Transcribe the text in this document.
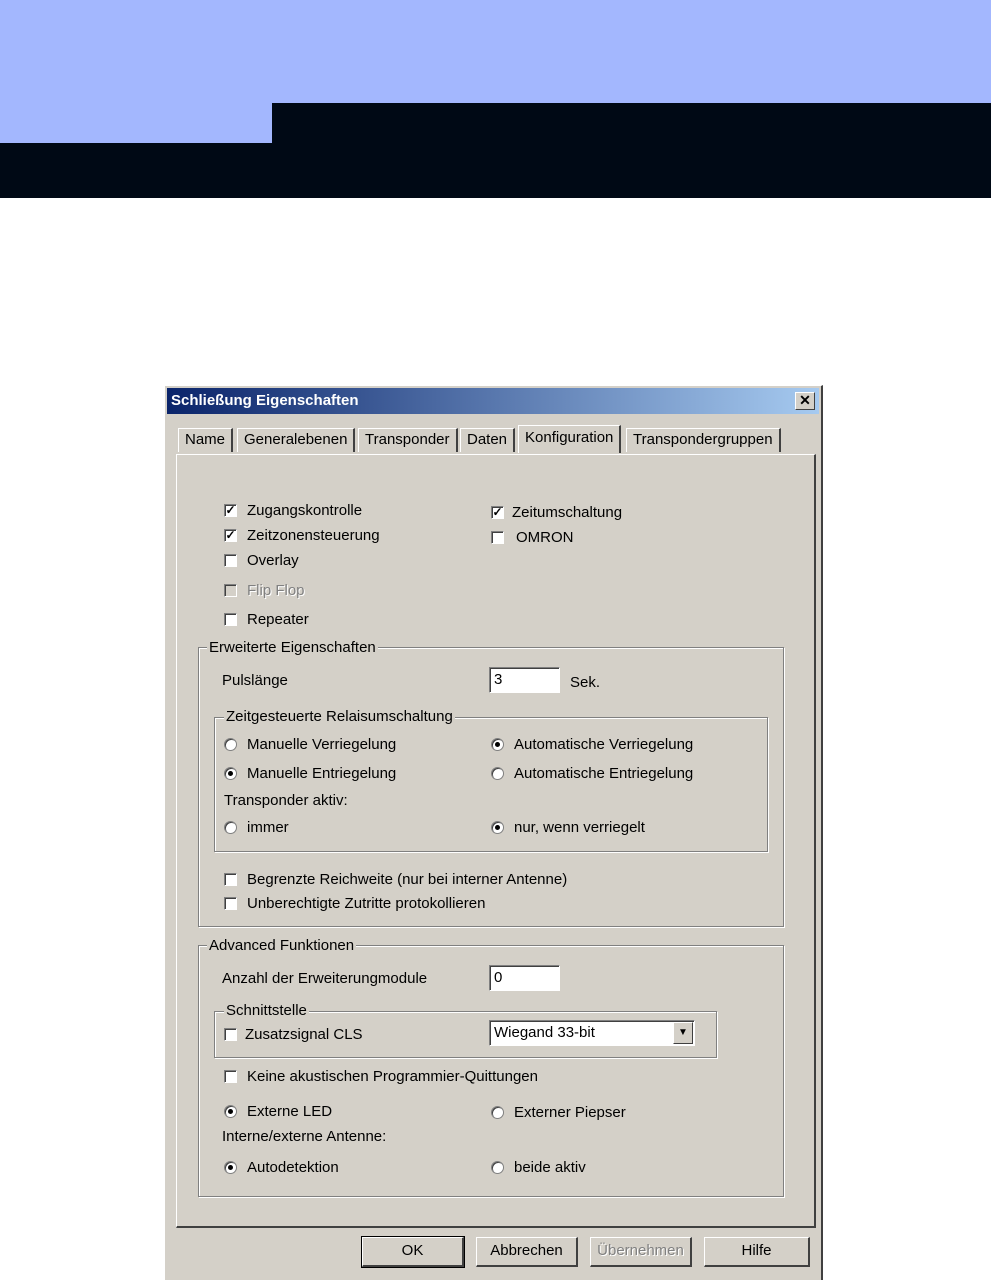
Schließung Eigenschaften	✕
Name	Generalebenen	Transponder	Daten	Konfiguration	Transpondergruppen
✓ Zugangskontrolle
✓ Zeitzonensteuerung
Overlay
Flip Flop
Repeater
✓ Zeitumschaltung
OMRON
Erweiterte Eigenschaften
Pulslänge	3	Sek.
Zeitgesteuerte Relaisumschaltung
Manuelle Verriegelung	Automatische Verriegelung
Manuelle Entriegelung	Automatische Entriegelung
Transponder aktiv:
immer	nur, wenn verriegelt
Begrenzte Reichweite (nur bei interner Antenne)
Unberechtigte Zutritte protokollieren
Advanced Funktionen
Anzahl der Erweiterungmodule	0
Schnittstelle
Zusatzsignal CLS	Wiegand 33-bit	▼
Keine akustischen Programmier-Quittungen
Externe LED	Externer Piepser
Interne/externe Antenne:
Autodetektion	beide aktiv
OK	Abbrechen	Übernehmen	Hilfe
